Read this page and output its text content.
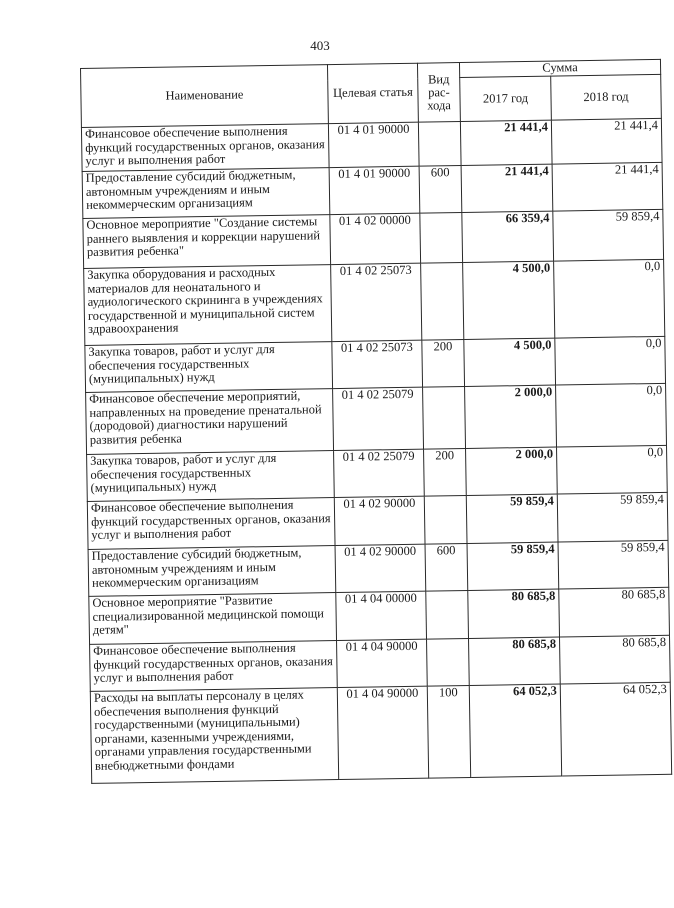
403
Наименование	Целевая статья	Вид рас-хода	Сумма	
			2017 год	2018 год
Финансовое обеспечение выполнения функций государственных органов, оказания услуг и выполнения работ	01 4 01 90000		21 441,4	21 441,4
Предоставление субсидий бюджетным, автономным учреждениям и иным некоммерческим организациям	01 4 01 90000	600	21 441,4	21 441,4
Основное мероприятие "Создание системы раннего выявления и коррекции нарушений развития ребенка"	01 4 02 00000		66 359,4	59 859,4
Закупка оборудования и расходных материалов для неонатального и аудиологического скрининга в учреждениях государственной и муниципальной систем здравоохранения	01 4 02 25073		4 500,0	0,0
Закупка товаров, работ и услуг для обеспечения государственных (муниципальных) нужд	01 4 02 25073	200	4 500,0	0,0
Финансовое обеспечение мероприятий, направленных на проведение пренатальной (дородовой) диагностики нарушений развития ребенка	01 4 02 25079		2 000,0	0,0
Закупка товаров, работ и услуг для обеспечения государственных (муниципальных) нужд	01 4 02 25079	200	2 000,0	0,0
Финансовое обеспечение выполнения функций государственных органов, оказания услуг и выполнения работ	01 4 02 90000		59 859,4	59 859,4
Предоставление субсидий бюджетным, автономным учреждениям и иным некоммерческим организациям	01 4 02 90000	600	59 859,4	59 859,4
Основное мероприятие "Развитие специализированной медицинской помощи детям"	01 4 04 00000		80 685,8	80 685,8
Финансовое обеспечение выполнения функций государственных органов, оказания услуг и выполнения работ	01 4 04 90000		80 685,8	80 685,8
Расходы на выплаты персоналу в целях обеспечения выполнения функций государственными (муниципальными) органами, казенными учреждениями, органами управления государственными внебюджетными фондами	01 4 04 90000	100	64 052,3	64 052,3
